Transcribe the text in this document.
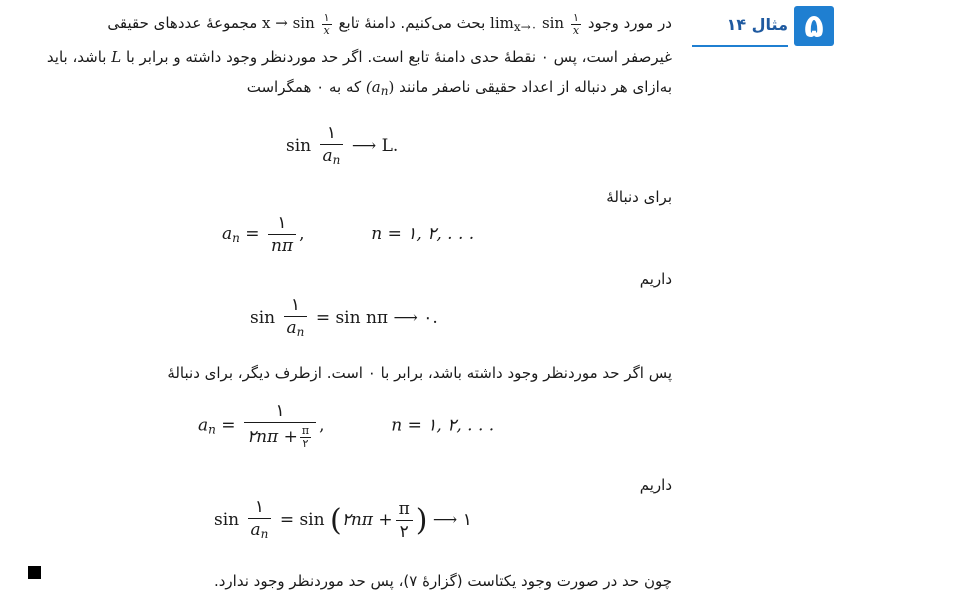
۵
مثال ۱۴
در مورد وجود $\lim_{x\to ۰} \sin \frac{۱}{x}$
بحث می‌کنیم. دامنهٔ تابع $x \to \sin \frac{۱}{x}$
مجموعهٔ عددهای حقیقی
غیرصفر است، پس ۰ نقطهٔ حدی دامنهٔ تابع است. اگر حد موردنظر وجود داشته و برابر با L باشد، باید
به‌ازای هر دنباله از اعداد حقیقی ناصفر مانند $(a_n)$ که به ۰ همگراست
$\sin \frac{۱}{a_n}$ ⟶ L.
برای دنبالهٔ
$a_n = \frac{۱}{n\pi}$ ,	n = ۱, ۲, . . .
داریم
$\sin \frac{۱}{a_n} = \sin n\pi$ ⟶ ۰.
پس اگر حد موردنظر وجود داشته باشد، برابر با ۰ است. ازطرف دیگر، برای دنبالهٔ
$a_n = \frac{۱}{۲n\pi + \frac{\pi}{۲}}$ ,	n = ۱, ۲, . . .
داریم
$\sin \frac{۱}{a_n} = \sin$ (۲nπ + $\frac{\pi}{۲}$ ) ⟶ ۱
چون حد در صورت وجود یکتاست (گزارهٔ ۷)، پس حد موردنظر وجود ندارد.
